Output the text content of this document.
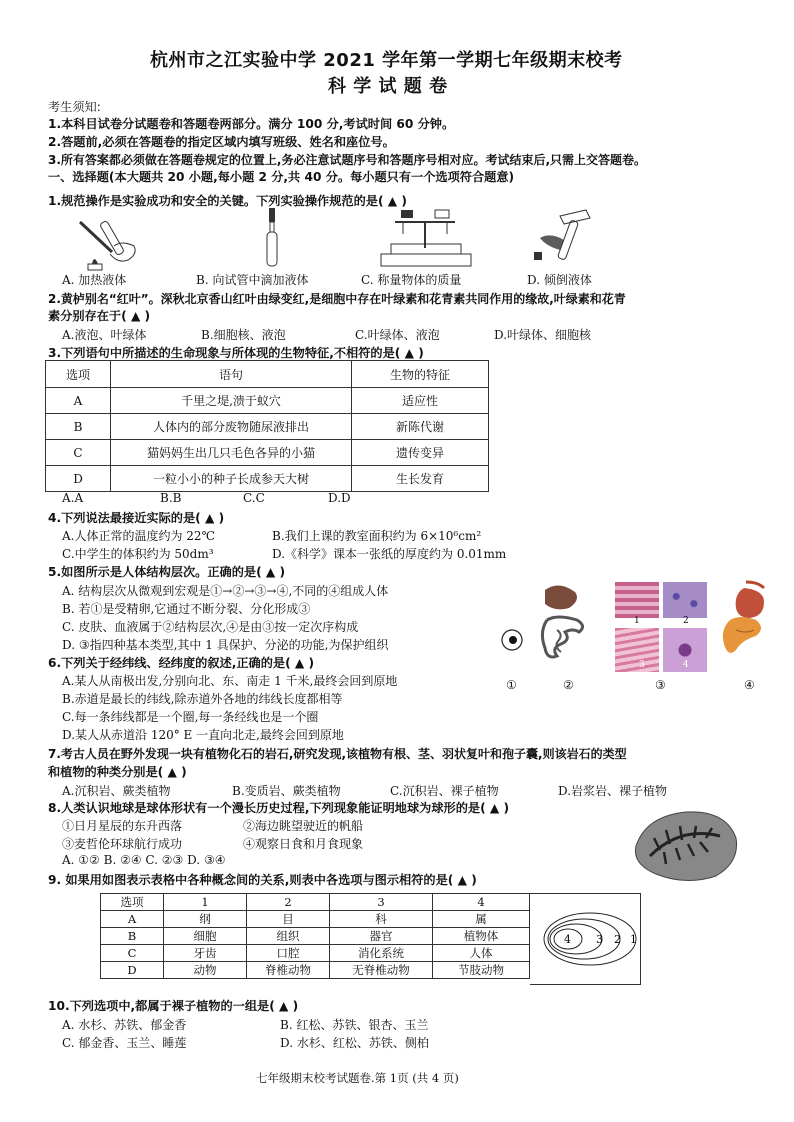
杭州市之江实验中学 2021 学年第一学期七年级期末校考
科 学 试 题 卷
考生须知:
1.本科目试卷分试题卷和答题卷两部分。满分 100 分,考试时间 60 分钟。
2.答题前,必须在答题卷的指定区域内填写班级、姓名和座位号。
3.所有答案都必须做在答题卷规定的位置上,务必注意试题序号和答题序号相对应。考试结束后,只需上交答题卷。
一、选择题(本大题共 20 小题,每小题 2 分,共 40 分。每小题只有一个选项符合题意)
1.规范操作是实验成功和安全的关键。下列实验操作规范的是( ▲ )
A. 加热液体	B. 向试管中滴加液体	C. 称量物体的质量	D. 倾倒液体
2.黄栌别名“红叶”。深秋北京香山红叶由绿变红,是细胞中存在叶绿素和花青素共同作用的缘故,叶绿素和花青
素分别存在于( ▲ )
A.液泡、叶绿体	B.细胞核、液泡	C.叶绿体、液泡	D.叶绿体、细胞核
3.下列语句中所描述的生命现象与所体现的生物特征,不相符的是( ▲ )
选项	语句	生物的特征
A	千里之堤,溃于蚁穴	适应性
B	人体内的部分废物随尿液排出	新陈代谢
C	猫妈妈生出几只毛色各异的小猫	遗传变异
D	一粒小小的种子长成参天大树	生长发育
A.A	B.B	C.C	D.D
4.下列说法最接近实际的是( ▲ )
A.人体正常的温度约为 22℃	B.我们上课的教室面积约为 6×10⁶cm²
C.中学生的体积约为 50dm³	D.《科学》课本一张纸的厚度约为 0.01mm
5.如图所示是人体结构层次。正确的是( ▲ )
A. 结构层次从微观到宏观是①→②→③→④,不同的④组成人体
B. 若①是受精卵,它通过不断分裂、分化形成③
C. 皮肤、血液属于②结构层次,④是由③按一定次序构成
D. ③指四种基本类型,其中 1 具保护、分泌的功能,为保护组织
1	2
3	4
①	②	③	④
6.下列关于经纬线、经纬度的叙述,正确的是( ▲ )
A.某人从南极出发,分别向北、东、南走 1 千米,最终会回到原地
B.赤道是最长的纬线,除赤道外各地的纬线长度都相等
C.每一条纬线都是一个圈,每一条经线也是一个圈
D.某人从赤道沿 120° E 一直向北走,最终会回到原地
7.考古人员在野外发现一块有植物化石的岩石,研究发现,该植物有根、茎、羽状复叶和孢子囊,则该岩石的类型
和植物的种类分别是( ▲ )
A.沉积岩、蕨类植物	B.变质岩、蕨类植物	C.沉积岩、裸子植物	D.岩浆岩、裸子植物
8.人类认识地球是球体形状有一个漫长历史过程,下列现象能证明地球为球形的是( ▲ )
①日月星辰的东升西落	②海边眺望驶近的帆船
③麦哲伦环球航行成功	④观察日食和月食现象
A. ①② B. ②④ C. ②③ D. ③④
9. 如果用如图表示表格中各种概念间的关系,则表中各选项与图示相符的是( ▲ )
选项	1	2	3	4
A	纲	目	科	属
B	细胞	组织	器官	植物体
C	牙齿	口腔	消化系统	人体
D	动物	脊椎动物	无脊椎动物	节肢动物
4 3 2 1
10.下列选项中,都属于裸子植物的一组是( ▲ )
A. 水杉、苏铁、郁金香	B. 红松、苏铁、银杏、玉兰
C. 郁金香、玉兰、睡莲	D. 水杉、红松、苏铁、侧柏
七年级期末校考试题卷.第 1页 (共 4 页)
